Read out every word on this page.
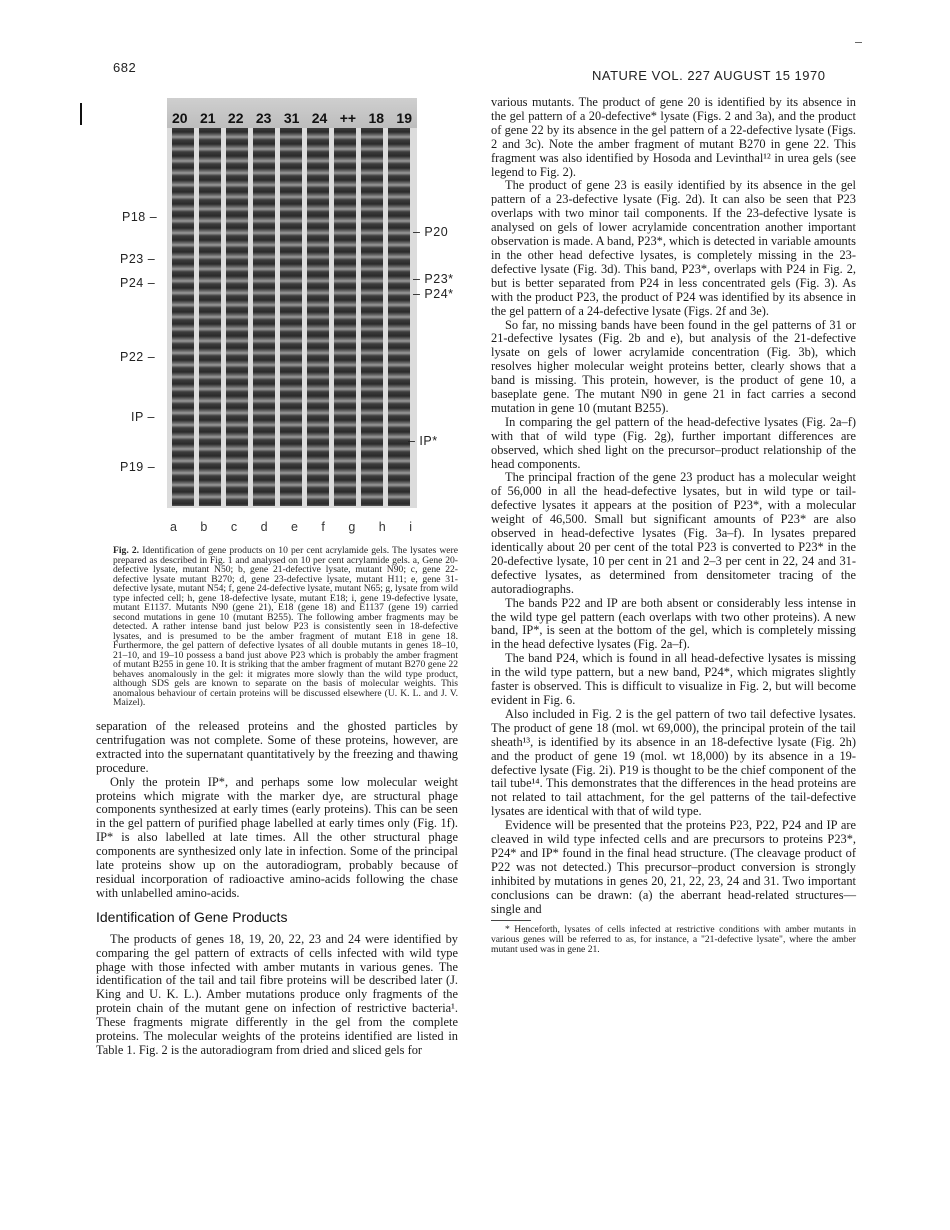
682
NATURE VOL. 227 AUGUST 15 1970
20 21 22 23 31 24 ++ 18 19
P18 –
P23 –
P24 –
P22 –
IP –
P19 –
– P20
– P23*
– P24*
– IP*
a b c d e f g h i
Fig. 2. Identification of gene products on 10 per cent acrylamide gels. The lysates were prepared as described in Fig. 1 and analysed on 10 per cent acrylamide gels. a, Gene 20-defective lysate, mutant N50; b, gene 21-defective lysate, mutant N90; c, gene 22-defective lysate mutant B270; d, gene 23-defective lysate, mutant H11; e, gene 31-defective lysate, mutant N54; f, gene 24-defective lysate, mutant N65; g, lysate from wild type infected cell; h, gene 18-defective lysate, mutant E18; i, gene 19-defective lysate, mutant E1137. Mutants N90 (gene 21), E18 (gene 18) and E1137 (gene 19) carried second mutations in gene 10 (mutant B255). The following amber fragments may be detected. A rather intense band just below P23 is consistently seen in 18-defective lysates, and is presumed to be the amber fragment of mutant E18 in gene 18. Furthermore, the gel pattern of defective lysates of all double mutants in genes 18–10, 21–10, and 19–10 possess a band just above P23 which is probably the amber fragment of mutant B255 in gene 10. It is striking that the amber fragment of mutant B270 gene 22 behaves anomalously in the gel: it migrates more slowly than the wild type product, although SDS gels are known to separate on the basis of molecular weights. This anomalous behaviour of certain proteins will be discussed elsewhere (U. K. L. and J. V. Maizel).

separation of the released proteins and the ghosted particles by centrifugation was not complete. Some of these proteins, however, are extracted into the supernatant quantitatively by the freezing and thawing procedure.

Only the protein IP*, and perhaps some low molecular weight proteins which migrate with the marker dye, are structural phage components synthesized at early times (early proteins). This can be seen in the gel pattern of purified phage labelled at early times only (Fig. 1f). IP* is also labelled at late times. All the other structural phage components are synthesized only late in infection. Some of the principal late proteins show up on the autoradiogram, probably because of residual incorporation of radioactive amino-acids following the chase with unlabelled amino-acids.

Identification of Gene Products

The products of genes 18, 19, 20, 22, 23 and 24 were identified by comparing the gel pattern of extracts of cells infected with wild type phage with those infected with amber mutants in various genes. The identification of the tail and tail fibre proteins will be described later (J. King and U. K. L.). Amber mutations produce only fragments of the protein chain of the mutant gene on infection of restrictive bacteria¹. These fragments migrate differently in the gel from the complete proteins. The molecular weights of the proteins identified are listed in Table 1. Fig. 2 is the autoradiogram from dried and sliced gels for

various mutants. The product of gene 20 is identified by its absence in the gel pattern of a 20-defective* lysate (Figs. 2 and 3a), and the product of gene 22 by its absence in the gel pattern of a 22-defective lysate (Figs. 2 and 3c). Note the amber fragment of mutant B270 in gene 22. This fragment was also identified by Hosoda and Levinthal¹² in urea gels (see legend to Fig. 2).

The product of gene 23 is easily identified by its absence in the gel pattern of a 23-defective lysate (Fig. 2d). It can also be seen that P23 overlaps with two minor tail components. If the 23-defective lysate is analysed on gels of lower acrylamide concentration another important observation is made. A band, P23*, which is detected in variable amounts in the other head defective lysates, is completely missing in the 23-defective lysate (Fig. 3d). This band, P23*, overlaps with P24 in Fig. 2, but is better separated from P24 in less concentrated gels (Fig. 3). As with the product P23, the product of P24 was identified by its absence in the gel pattern of a 24-defective lysate (Figs. 2f and 3e).

So far, no missing bands have been found in the gel patterns of 31 or 21-defective lysates (Fig. 2b and e), but analysis of the 21-defective lysate on gels of lower acrylamide concentration (Fig. 3b), which resolves higher molecular weight proteins better, clearly shows that a band is missing. This protein, however, is the product of gene 10, a baseplate gene. The mutant N90 in gene 21 in fact carries a second mutation in gene 10 (mutant B255).

In comparing the gel pattern of the head-defective lysates (Fig. 2a–f) with that of wild type (Fig. 2g), further important differences are observed, which shed light on the precursor–product relationship of the head components.

The principal fraction of the gene 23 product has a molecular weight of 56,000 in all the head-defective lysates, but in wild type or tail-defective lysates it appears at the position of P23*, with a molecular weight of 46,500. Small but significant amounts of P23* are also observed in head-defective lysates (Fig. 3a–f). In lysates prepared identically about 20 per cent of the total P23 is converted to P23* in the 20-defective lysate, 10 per cent in 21 and 2–3 per cent in 22, 24 and 31-defective lysates, as determined from densitometer tracing of the autoradiographs.

The bands P22 and IP are both absent or considerably less intense in the wild type gel pattern (each overlaps with two other proteins). A new band, IP*, is seen at the bottom of the gel, which is completely missing in the head defective lysates (Fig. 2a–f).

The band P24, which is found in all head-defective lysates is missing in the wild type pattern, but a new band, P24*, which migrates slightly faster is observed. This is difficult to visualize in Fig. 2, but will become evident in Fig. 6.

Also included in Fig. 2 is the gel pattern of two tail defective lysates. The product of gene 18 (mol. wt 69,000), the principal protein of the tail sheath¹³, is identified by its absence in an 18-defective lysate (Fig. 2h) and the product of gene 19 (mol. wt 18,000) by its absence in a 19-defective lysate (Fig. 2i). P19 is thought to be the chief component of the tail tube¹⁴. This demonstrates that the differences in the head proteins are not related to tail attachment, for the gel patterns of the tail-defective lysates are identical with that of wild type.

Evidence will be presented that the proteins P23, P22, P24 and IP are cleaved in wild type infected cells and are precursors to proteins P23*, P24* and IP* found in the final head structure. (The cleavage product of P22 was not detected.) This precursor–product conversion is strongly inhibited by mutations in genes 20, 21, 22, 23, 24 and 31. Two important conclusions can be drawn: (a) the aberrant head-related structures—single and

* Henceforth, lysates of cells infected at restrictive conditions with amber mutants in various genes will be referred to as, for instance, a "21-defective lysate", where the amber mutant used was in gene 21.
